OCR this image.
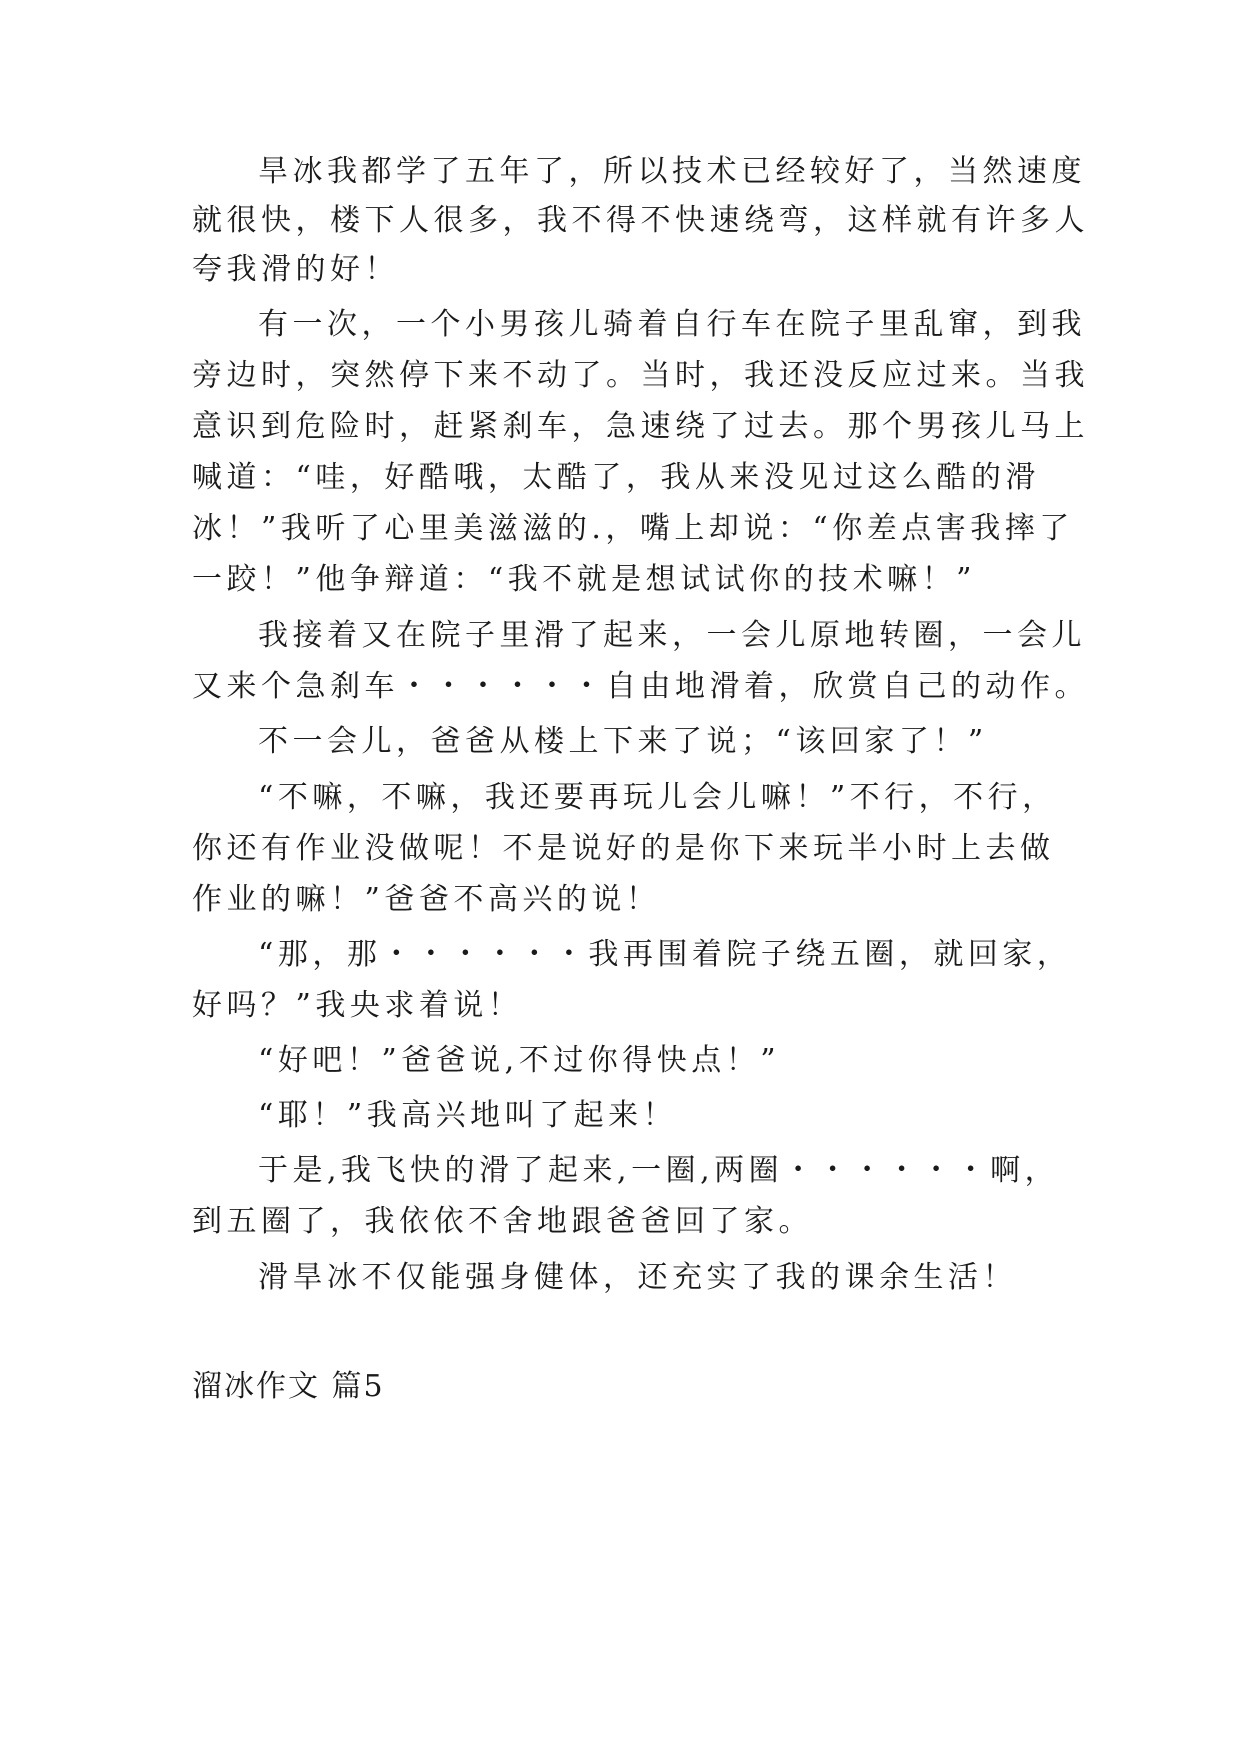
旱冰我都学了五年了，所以技术已经较好了，当然速度
就很快，楼下人很多，我不得不快速绕弯，这样就有许多人
夸我滑的好！
有一次，一个小男孩儿骑着自行车在院子里乱窜，到我
旁边时，突然停下来不动了。当时，我还没反应过来。当我
意识到危险时，赶紧刹车，急速绕了过去。那个男孩儿马上
喊道：“哇，好酷哦，太酷了，我从来没见过这么酷的滑
冰！”我听了心里美滋滋的.，嘴上却说：“你差点害我摔了
一跤！”他争辩道：“我不就是想试试你的技术嘛！”
我接着又在院子里滑了起来，一会儿原地转圈，一会儿
又来个急刹车・・・・・・自由地滑着，欣赏自己的动作。
不一会儿，爸爸从楼上下来了说；“该回家了！”
“不嘛，不嘛，我还要再玩儿会儿嘛！”不行，不行，
你还有作业没做呢！不是说好的是你下来玩半小时上去做
作业的嘛！”爸爸不高兴的说！
“那，那・・・・・・我再围着院子绕五圈，就回家，
好吗？”我央求着说！
“好吧！”爸爸说,不过你得快点！”
“耶！”我高兴地叫了起来！
于是,我飞快的滑了起来,一圈,两圈・・・・・・啊，
到五圈了，我依依不舍地跟爸爸回了家。
滑旱冰不仅能强身健体，还充实了我的课余生活！
溜冰作文 篇5
